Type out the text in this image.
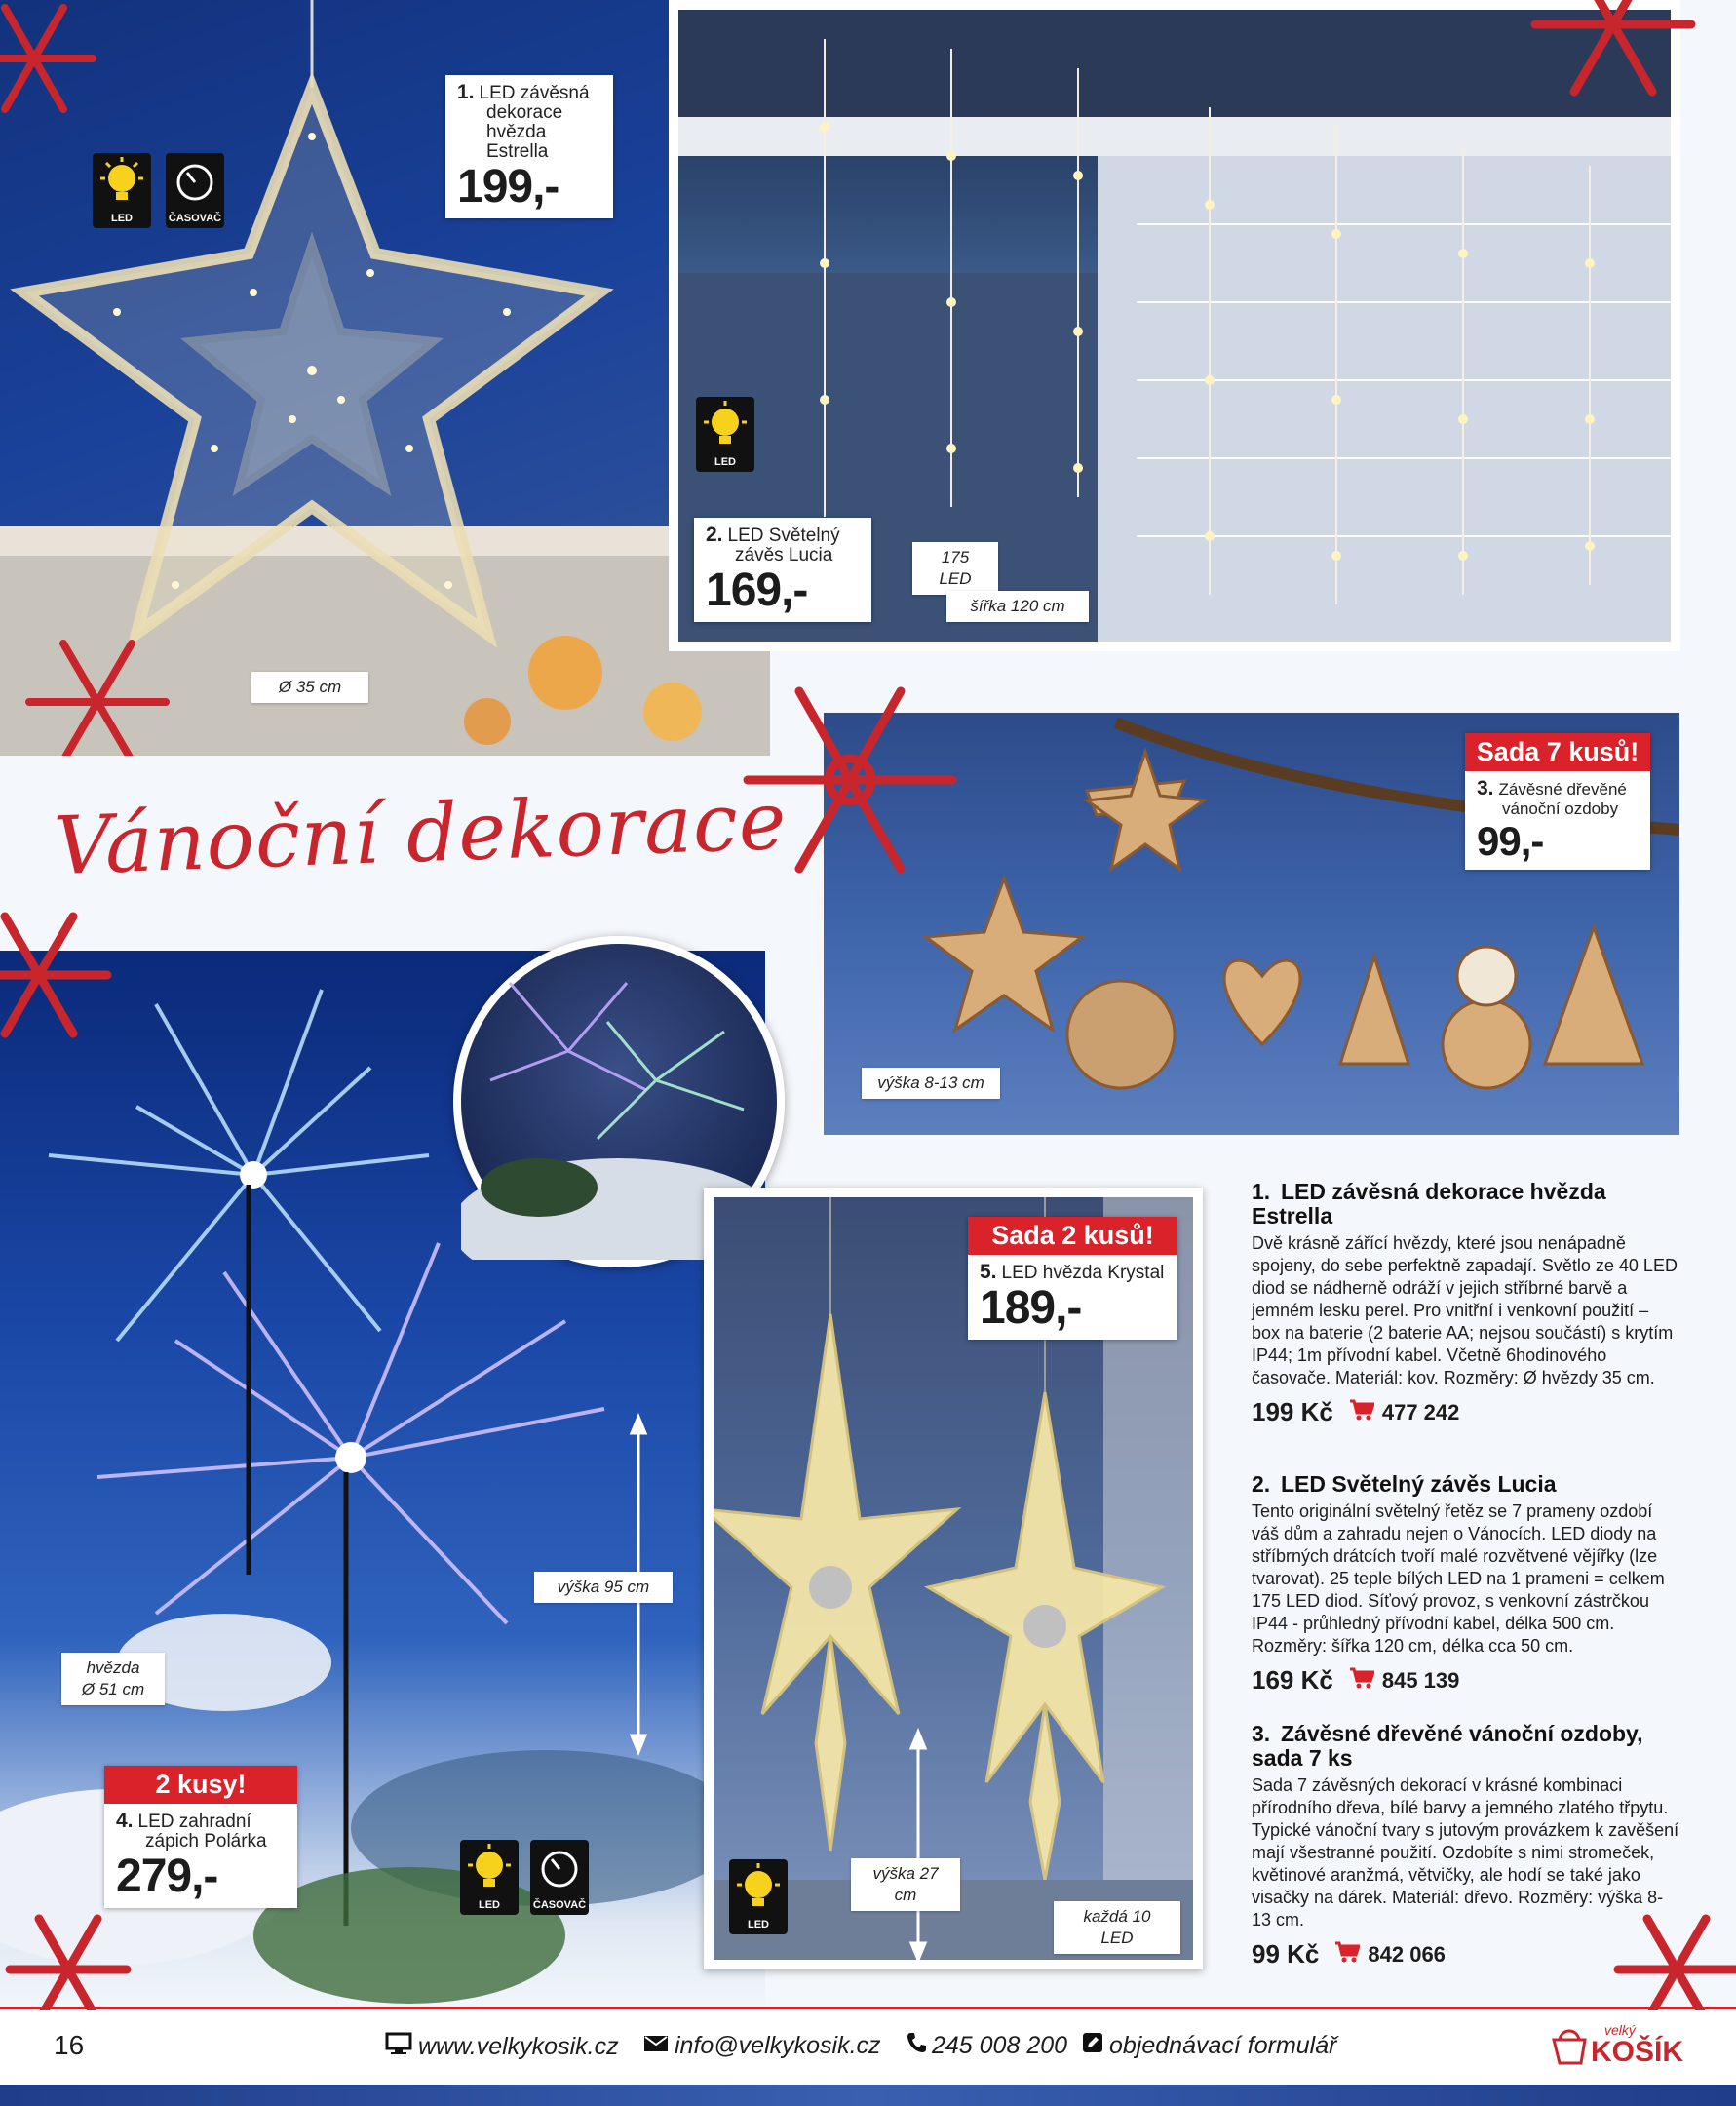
Vánoční dekorace
LED	ČASOVAČ
LED
LED	ČASOVAČ
LED
1. LED závěsná
dekorace
hvězda
Estrella
199,-
2. LED Světelný
závěs Lucia
169,-
Sada 7 kusů!
3. Závěsné dřevěné
vánoční ozdoby
99,-
2 kusy!
4. LED zahradní
zápich Polárka
279,-
Sada 2 kusů!
5. LED hvězda Krystal
189,-
Ø 35 cm
175 LED
šířka 120 cm
výška 8-13 cm
hvězda
Ø 51 cm
výška 95 cm
výška 27 cm
každá 10 LED
1. LED závěsná dekorace hvězda Estrella

Dvě krásně zářící hvězdy, které jsou nenápadně spojeny, do sebe perfektně zapadají. Světlo ze 40 LED diod se nádherně odráží v jejich stříbrné barvě a jemném lesku perel. Pro vnitřní i venkovní použití – box na baterie (2 baterie AA; nejsou součástí) s krytím IP44; 1m přívodní kabel. Včetně 6hodinového časovače. Materiál: kov. Rozměry: Ø hvězdy 35 cm.

199 Kč 477 242
2. LED Světelný závěs Lucia

Tento originální světelný řetěz se 7 prameny ozdobí váš dům a zahradu nejen o Vánocích. LED diody na stříbrných drátcích tvoří malé rozvětvené vějířky (lze tvarovat). 25 teple bílých LED na 1 prameni = celkem 175 LED diod. Síťový provoz, s venkovní zástrčkou IP44 - průhledný přívodní kabel, délka 500 cm. Rozměry: šířka 120 cm, délka cca 50 cm.

169 Kč 845 139
3. Závěsné dřevěné vánoční ozdoby, sada 7 ks

Sada 7 závěsných dekorací v krásné kombinaci přírodního dřeva, bílé barvy a jemného zlatého třpytu. Typické vánoční tvary s jutovým provázkem k zavěšení mají všestranné použití. Ozdobíte s nimi stromeček, květinové aranžmá, větvičky, ale hodí se také jako visačky na dárek. Materiál: dřevo. Rozměry: výška 8-13 cm.

99 Kč 842 066
16	www.velkykosik.cz info@velkykosik.cz 245 008 200 objednávací formulář
velký
KOŠÍK
